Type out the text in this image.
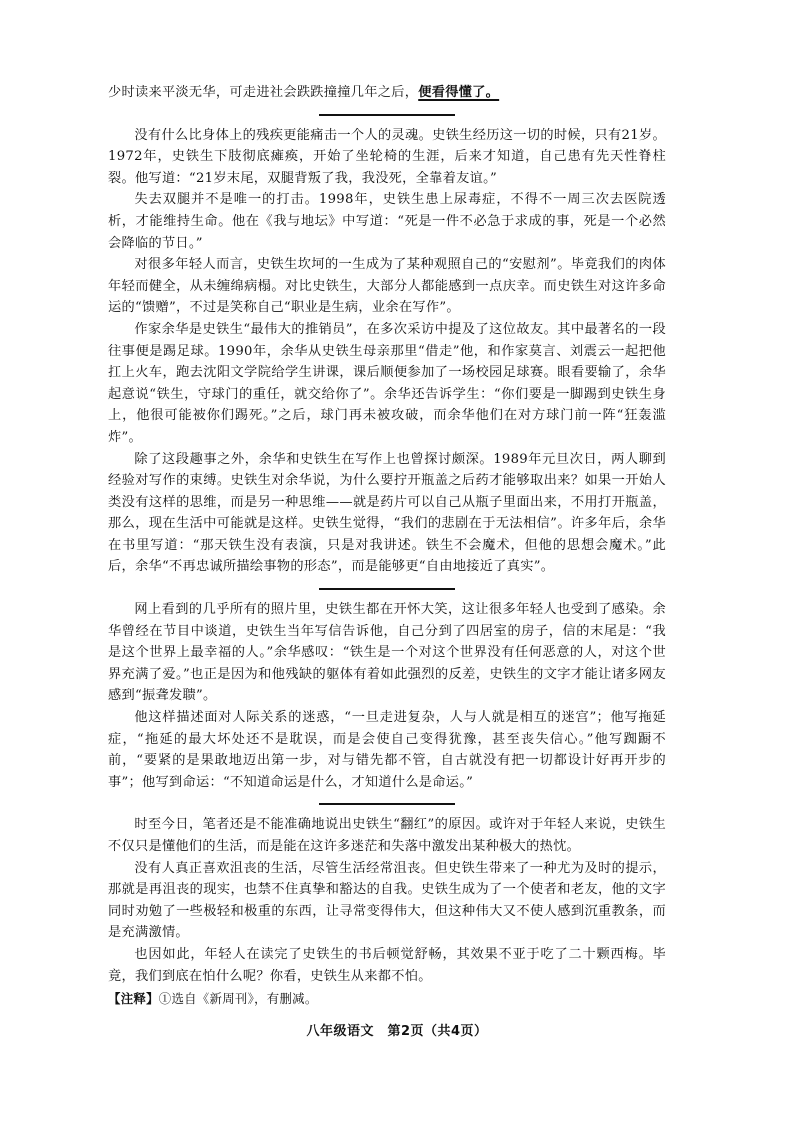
少时读来平淡无华，可走进社会跌跌撞撞几年之后，便看得懂了。

没有什么比身体上的残疾更能痛击一个人的灵魂。史铁生经历这一切的时候，只有21岁。1972年，史铁生下肢彻底瘫痪，开始了坐轮椅的生涯，后来才知道，自己患有先天性脊柱裂。他写道：“21岁末尾，双腿背叛了我，我没死，全靠着友谊。”

失去双腿并不是唯一的打击。1998年，史铁生患上尿毒症，不得不一周三次去医院透析，才能维持生命。他在《我与地坛》中写道：“死是一件不必急于求成的事，死是一个必然会降临的节日。”

对很多年轻人而言，史铁生坎坷的一生成为了某种观照自己的“安慰剂”。毕竟我们的肉体年轻而健全，从未缠绵病榻。对比史铁生，大部分人都能感到一点庆幸。而史铁生对这许多命运的“馈赠”，不过是笑称自己“职业是生病，业余在写作”。

作家余华是史铁生“最伟大的推销员”，在多次采访中提及了这位故友。其中最著名的一段往事便是踢足球。1990年，余华从史铁生母亲那里“借走”他，和作家莫言、刘震云一起把他扛上火车，跑去沈阳文学院给学生讲课，课后顺便参加了一场校园足球赛。眼看要输了，余华起意说“铁生，守球门的重任，就交给你了”。余华还告诉学生：“你们要是一脚踢到史铁生身上，他很可能被你们踢死。”之后，球门再未被攻破，而余华他们在对方球门前一阵“狂轰滥炸”。

除了这段趣事之外，余华和史铁生在写作上也曾探讨颇深。1989年元旦次日，两人聊到经验对写作的束缚。史铁生对余华说，为什么要拧开瓶盖之后药才能够取出来？如果一开始人类没有这样的思维，而是另一种思维——就是药片可以自己从瓶子里面出来，不用打开瓶盖，那么，现在生活中可能就是这样。史铁生觉得，“我们的悲剧在于无法相信”。许多年后，余华在书里写道：“那天铁生没有表演，只是对我讲述。铁生不会魔术，但他的思想会魔术。”此后，余华“不再忠诚所描绘事物的形态”，而是能够更“自由地接近了真实”。

网上看到的几乎所有的照片里，史铁生都在开怀大笑，这让很多年轻人也受到了感染。余华曾经在节目中谈道，史铁生当年写信告诉他，自己分到了四居室的房子，信的末尾是：“我是这个世界上最幸福的人。”余华感叹：“铁生是一个对这个世界没有任何恶意的人，对这个世界充满了爱。”也正是因为和他残缺的躯体有着如此强烈的反差，史铁生的文字才能让诸多网友感到“振聋发聩”。

他这样描述面对人际关系的迷惑，“一旦走进复杂，人与人就是相互的迷宫”；他写拖延症，“拖延的最大坏处还不是耽误，而是会使自己变得犹豫，甚至丧失信心。”他写踟蹰不前，“要紧的是果敢地迈出第一步，对与错先都不管，自古就没有把一切都设计好再开步的事”；他写到命运：“不知道命运是什么，才知道什么是命运。”

时至今日，笔者还是不能准确地说出史铁生“翻红”的原因。或许对于年轻人来说，史铁生不仅只是懂他们的生活，而是能在这许多迷茫和失落中激发出某种极大的热忱。

没有人真正喜欢沮丧的生活，尽管生活经常沮丧。但史铁生带来了一种尤为及时的提示，那就是再沮丧的现实，也禁不住真挚和豁达的自我。史铁生成为了一个使者和老友，他的文字同时劝勉了一些极轻和极重的东西，让寻常变得伟大，但这种伟大又不使人感到沉重教条，而是充满激情。

也因如此，年轻人在读完了史铁生的书后顿觉舒畅，其效果不亚于吃了二十颗西梅。毕竟，我们到底在怕什么呢？你看，史铁生从来都不怕。

【注释】①选自《新周刊》，有删减。

八年级语文　第2页（共4页）
